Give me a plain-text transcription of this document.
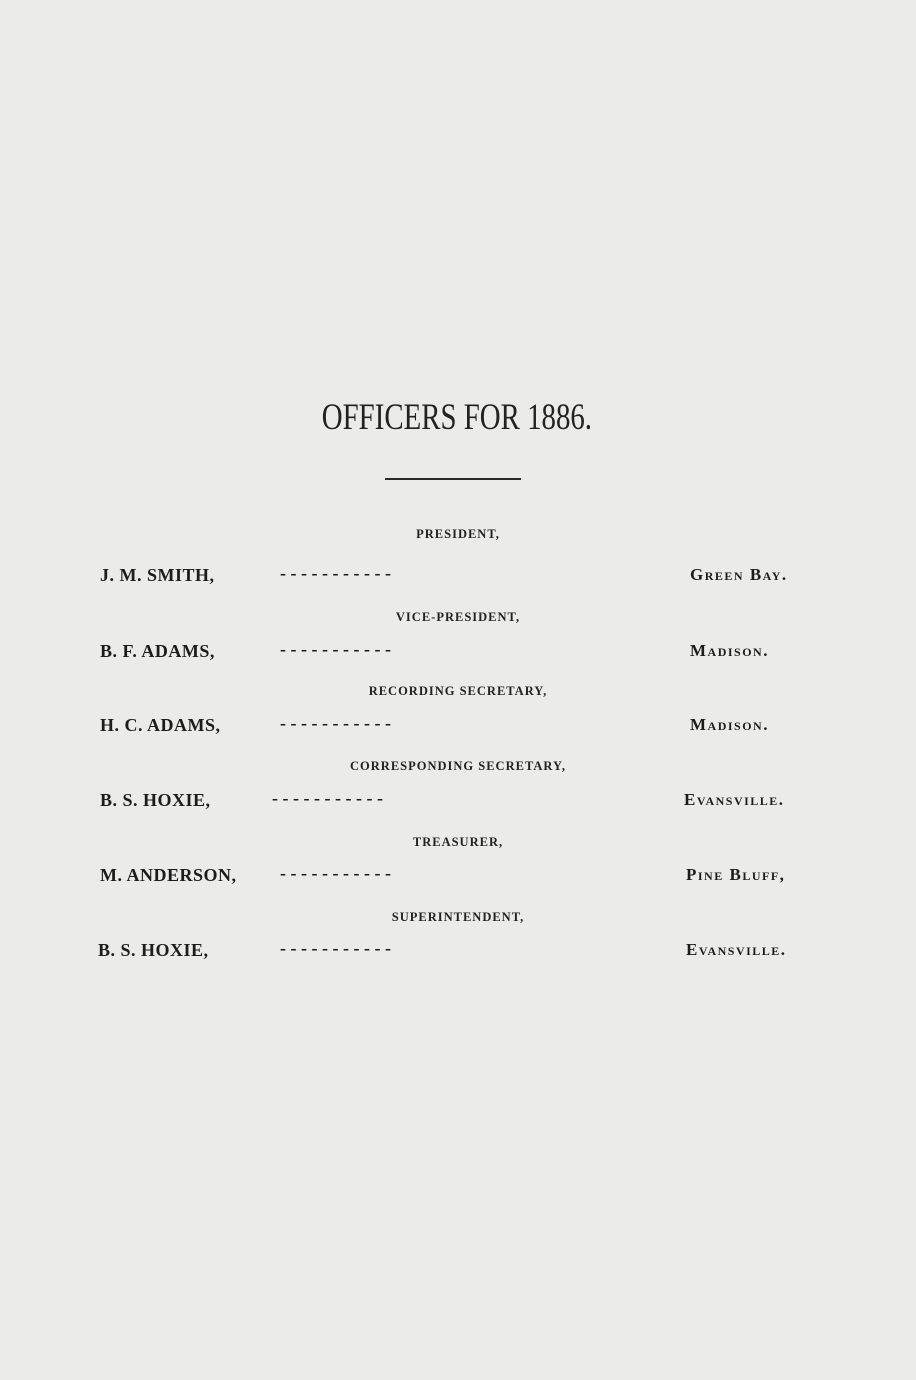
OFFICERS FOR 1886.
PRESIDENT,
J. M. SMITH,	- - - - - - - - - - -	Green Bay.
VICE-PRESIDENT,
B. F. ADAMS,	- - - - - - - - - - -	Madison.
RECORDING SECRETARY,
H. C. ADAMS,	- - - - - - - - - - -	Madison.
CORRESPONDING SECRETARY,
B. S. HOXIE,	- - - - - - - - - - -	Evansville.
TREASURER,
M. ANDERSON, - - - - - - - - - - -	Pine Bluff,
SUPERINTENDENT,
B. S. HOXIE,	- - - - - - - - - - -	Evansville.
